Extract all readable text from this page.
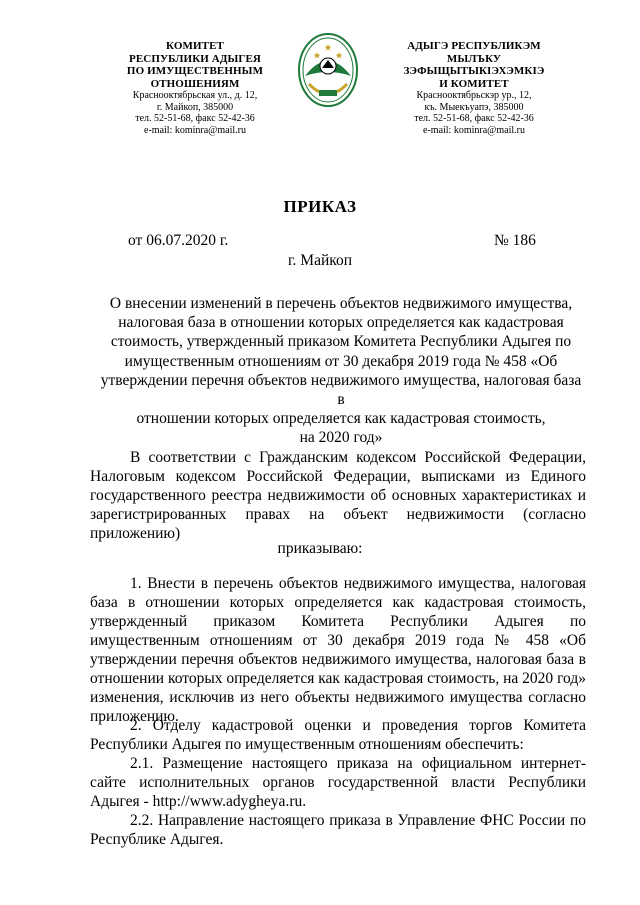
КОМИТЕТ
РЕСПУБЛИКИ АДЫГЕЯ
ПО ИМУЩЕСТВЕННЫМ ОТНОШЕНИЯМ
Краснооктябрьская ул., д. 12,
г. Майкоп, 385000
тел. 52-51-68, факс 52-42-36
e-mail: kominra@mail.ru
АДЫГЭ РЕСПУБЛИКЭМ
МЫЛЪКУ ЗЭФЫЩЫТЫКІЭХЭМКІЭ
И КОМИТЕТ
Краснооктябрьскэр ур., 12,
къ. Мыекъуапэ, 385000
тел. 52-51-68, факс 52-42-36
e-mail: kominra@mail.ru
ПРИКАЗ
от 06.07.2020 г.	№ 186
г. Майкоп
О внесении изменений в перечень объектов недвижимого имущества,
налоговая база в отношении которых определяется как кадастровая
стоимость, утвержденный приказом Комитета Республики Адыгея по
имущественным отношениям от 30 декабря 2019 года № 458 «Об
утверждении перечня объектов недвижимого имущества, налоговая база в
отношении которых определяется как кадастровая стоимость,
на 2020 год»
В соответствии с Гражданским кодексом Российской Федерации, Налоговым кодексом Российской Федерации, выписками из Единого государственного реестра недвижимости об основных характеристиках и зарегистрированных правах на объект недвижимости (согласно приложению)
приказываю:
1. Внести в перечень объектов недвижимого имущества, налоговая база в отношении которых определяется как кадастровая стоимость, утвержденный приказом Комитета Республики Адыгея по имущественным отношениям от 30 декабря 2019 года № 458 «Об утверждении перечня объектов недвижимого имущества, налоговая база в отношении которых определяется как кадастровая стоимость, на 2020 год» изменения, исключив из него объекты недвижимого имущества согласно приложению.
2. Отделу кадастровой оценки и проведения торгов Комитета Республики Адыгея по имущественным отношениям обеспечить:
2.1. Размещение настоящего приказа на официальном интернет-сайте исполнительных органов государственной власти Республики Адыгея - http://www.adygheya.ru.
2.2. Направление настоящего приказа в Управление ФНС России по Республике Адыгея.
